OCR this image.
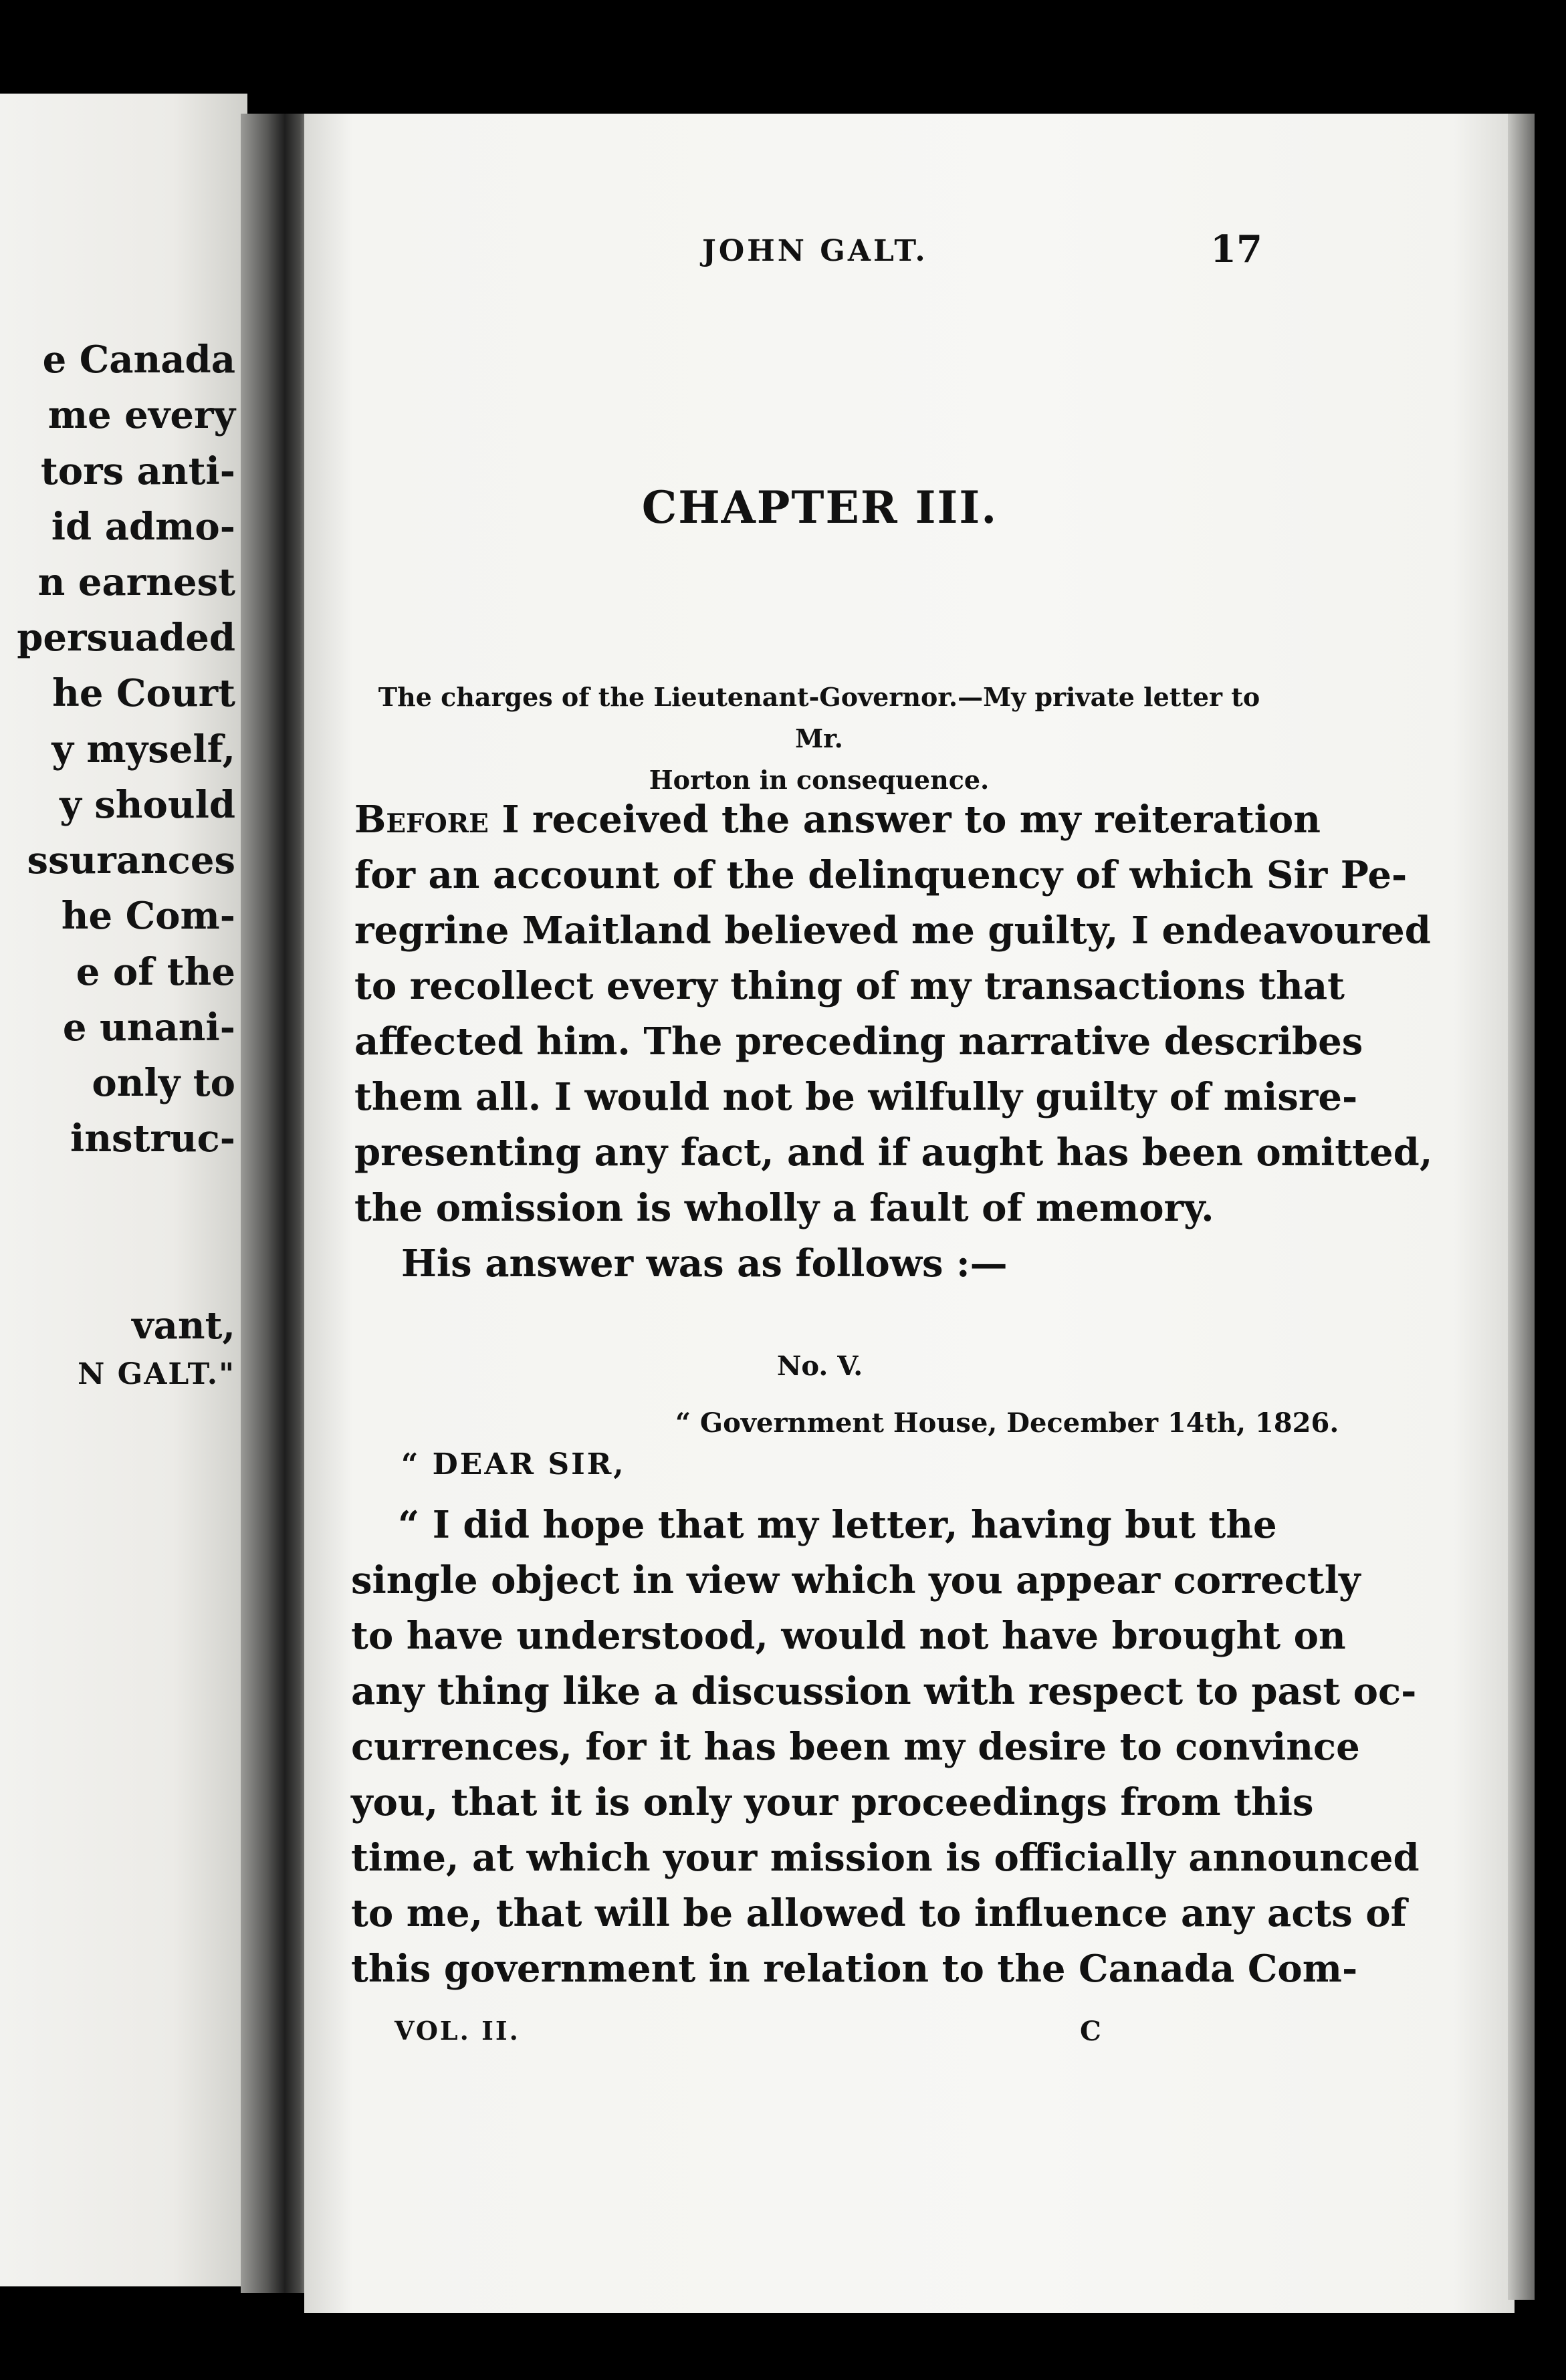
e Canada
me every
tors anti-
id admo-
n earnest
persuaded
he Court
y myself,
y should
ssurances
he Com-
e of the
e unani-
only to
instruc-
vant,
N GALT."
JOHN GALT.	17
CHAPTER III.
The charges of the Lieutenant-Governor.—My private letter to Mr.
Horton in consequence.
Before I received the answer to my reiteration
for an account of the delinquency of which Sir Pe-
regrine Maitland believed me guilty, I endeavoured
to recollect every thing of my transactions that
affected him. The preceding narrative describes
them all. I would not be wilfully guilty of misre-
presenting any fact, and if aught has been omitted,
the omission is wholly a fault of memory.
His answer was as follows :—
No. V.
“ Government House, December 14th, 1826.
“ DEAR SIR,
“ I did hope that my letter, having but the
single object in view which you appear correctly
to have understood, would not have brought on
any thing like a discussion with respect to past oc-
currences, for it has been my desire to convince
you, that it is only your proceedings from this
time, at which your mission is officially announced
to me, that will be allowed to influence any acts of
this government in relation to the Canada Com-
VOL. II.	C
